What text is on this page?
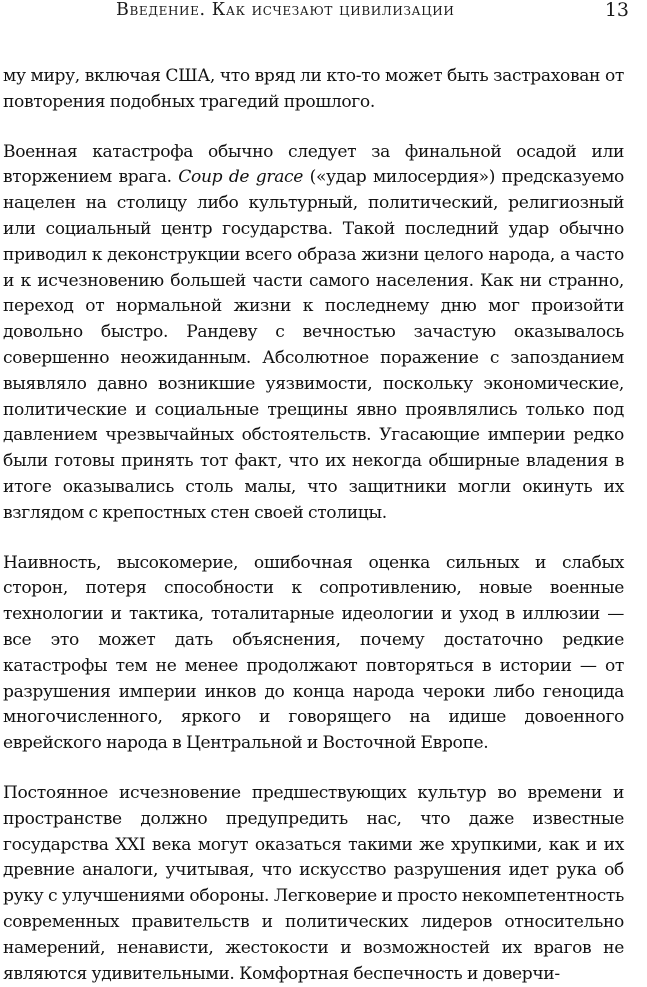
Введение. Как исчезают цивилизации	13

му миру, включая США, что вряд ли кто-то может быть застрахован от повторения подобных трагедий прошлого.

Военная катастрофа обычно следует за финальной осадой или вторжением врага. Coup de grace («удар милосердия») предсказуемо нацелен на столицу либо культурный, политический, религиозный или социальный центр государства. Такой последний удар обычно приводил к деконструкции всего образа жизни целого народа, а часто и к исчезновению большей части самого населения. Как ни странно, переход от нормальной жизни к последнему дню мог произойти довольно быстро. Рандеву с вечностью зачастую оказывалось совершенно неожиданным. Абсолютное поражение с запозданием выявляло давно возникшие уязвимости, поскольку экономические, политические и социальные трещины явно проявлялись только под давлением чрезвычайных обстоятельств. Угасающие империи редко были готовы принять тот факт, что их некогда обширные владения в итоге оказывались столь малы, что защитники могли окинуть их взглядом с крепостных стен своей столицы.

Наивность, высокомерие, ошибочная оценка сильных и слабых сторон, потеря способности к сопротивлению, новые военные технологии и тактика, тоталитарные идеологии и уход в иллюзии — все это может дать объяснения, почему достаточно редкие катастрофы тем не менее продолжают повторяться в истории — от разрушения империи инков до конца народа чероки либо геноцида многочисленного, яркого и говорящего на идише довоенного еврейского народа в Центральной и Восточной Европе.

Постоянное исчезновение предшествующих культур во времени и пространстве должно предупредить нас, что даже известные государства XXI века могут оказаться такими же хрупкими, как и их древние аналоги, учитывая, что искусство разрушения идет рука об руку с улучшениями обороны. Легковерие и просто некомпетентность современных правительств и политических лидеров относительно намерений, ненависти, жестокости и возможностей их врагов не являются удивительными. Комфортная беспечность и доверчи-
